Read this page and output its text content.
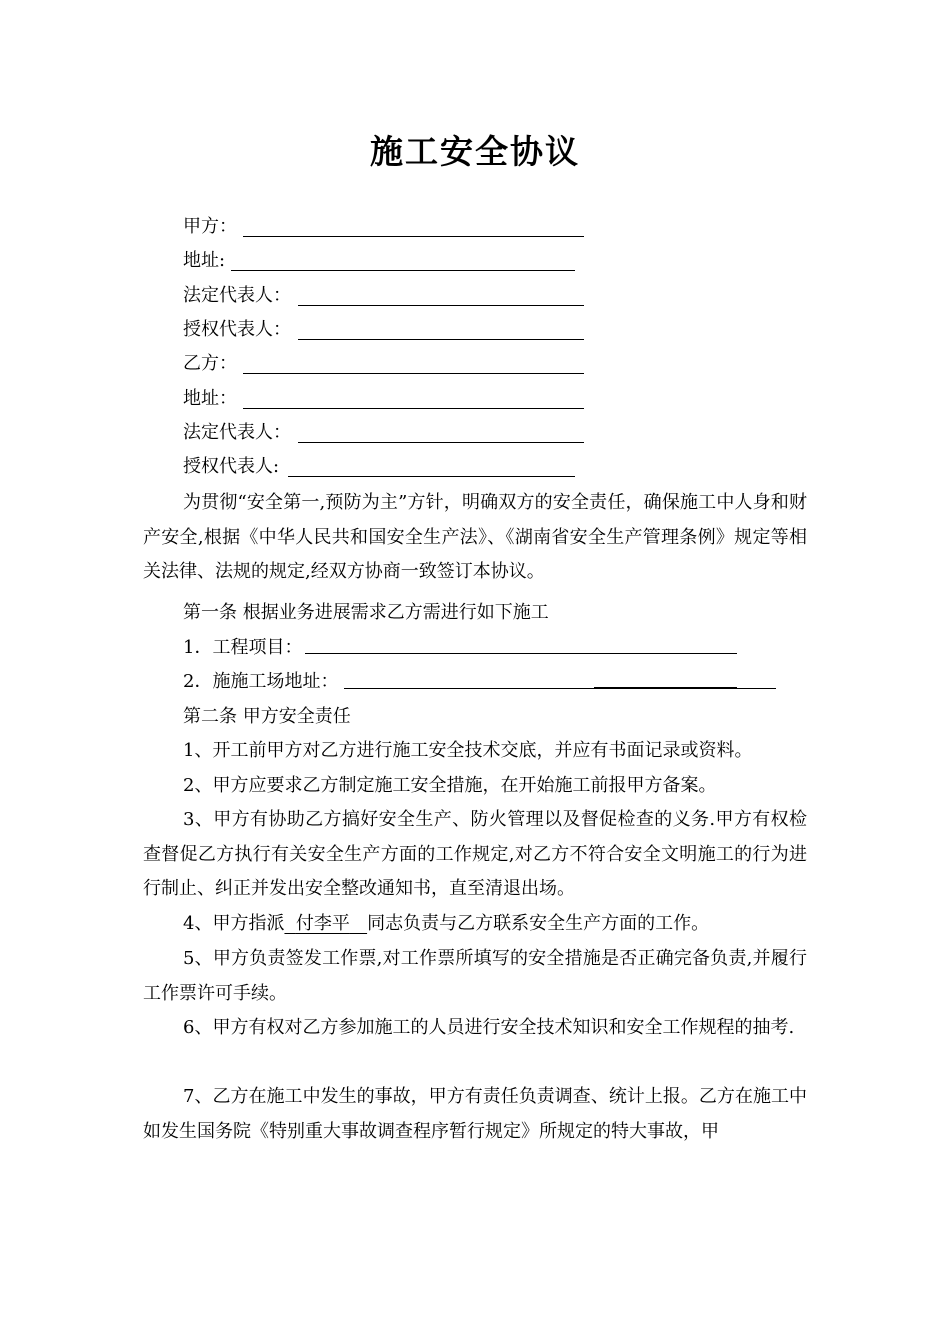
施工安全协议
甲方：
地址:
法定代表人：
授权代表人：
乙方：
地址：
法定代表人：
授权代表人:

为贯彻“安全第一,预防为主”方针，明确双方的安全责任，确保施工中人身和财产安全,根据《中华人民共和国安全生产法》、《湖南省安全生产管理条例》规定等相关法律、法规的规定,经双方协商一致签订本协议。

第一条 根据业务进展需求乙方需进行如下施工

1．工程项目：

2．施施工场地址：

第二条 甲方安全责任

1、开工前甲方对乙方进行施工安全技术交底，并应有书面记录或资料。

2、甲方应要求乙方制定施工安全措施，在开始施工前报甲方备案。

3、甲方有协助乙方搞好安全生产、防火管理以及督促检查的义务.甲方有权检查督促乙方执行有关安全生产方面的工作规定,对乙方不符合安全文明施工的行为进行制止、纠正并发出安全整改通知书，直至清退出场。

4、甲方指派 付李平 同志负责与乙方联系安全生产方面的工作。

5、甲方负责签发工作票,对工作票所填写的安全措施是否正确完备负责,并履行工作票许可手续。

6、甲方有权对乙方参加施工的人员进行安全技术知识和安全工作规程的抽考.

7、乙方在施工中发生的事故，甲方有责任负责调查、统计上报。乙方在施工中如发生国务院《特别重大事故调查程序暂行规定》所规定的特大事故，甲
